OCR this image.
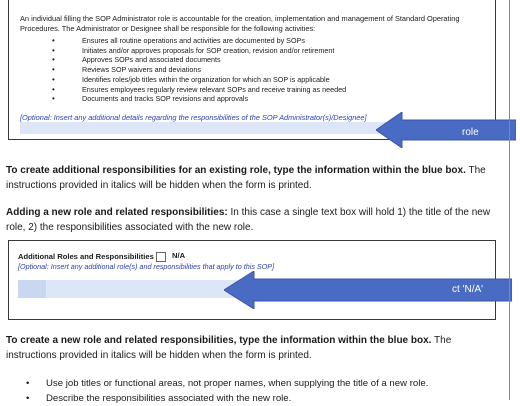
An individual filling the SOP Administrator role is accountable for the creation, implementation and management of Standard Operating Procedures. The Administrator or Designee shall be responsible for the following activities:
• Ensures all routine operations and activities are documented by SOPs
• Initiates and/or approves proposals for SOP creation, revision and/or retirement
• Approves SOPs and associated documents
• Reviews SOP waivers and deviations
• Identifies roles/job titles within the organization for which an SOP is applicable
• Ensures employees regularly review relevant SOPs and receive training as needed
• Documents and tracks SOP revisions and approvals
[Optional: Insert any additional details regarding the responsibilities of the SOP Administrator(s)/Designee]
role
To create additional responsibilities for an existing role, type the information within the blue box. The instructions provided in italics will be hidden when the form is printed.
Adding a new role and related responsibilities: In this case a single text box will hold 1) the title of the new role, 2) the responsibilities associated with the new role.
Additional Roles and Responsibilities N/A
[Optional: Insert any additional role(s) and responsibilities that apply to this SOP]
ct 'N/A'
To create a new role and related responsibilities, type the information within the blue box. The instructions provided in italics will be hidden when the form is printed.
• Use job titles or functional areas, not proper names, when supplying the title of a new role.
• Describe the responsibilities associated with the new role.
